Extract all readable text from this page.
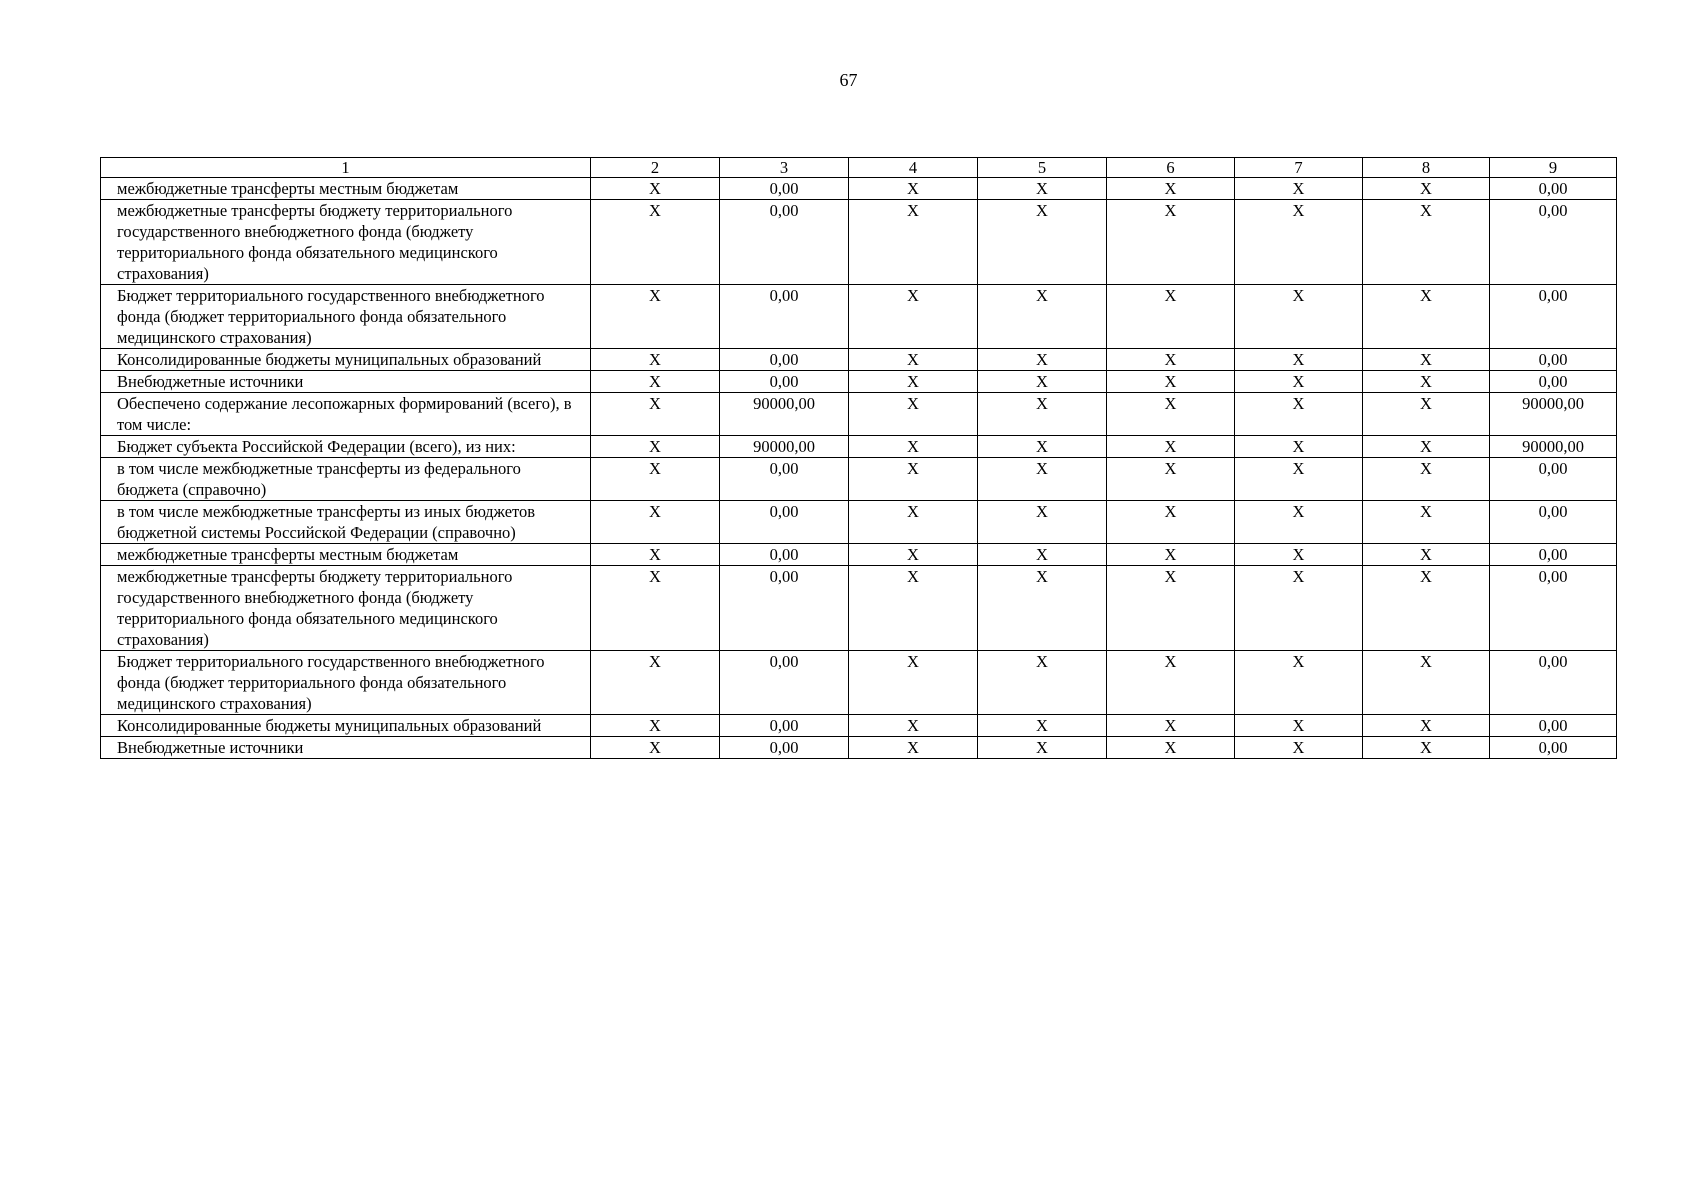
67
1	2	3	4	5	6	7	8	9
межбюджетные трансферты местным бюджетам	Х	0,00	Х	Х	Х	Х	Х	0,00
межбюджетные трансферты бюджету территориального государственного внебюджетного фонда (бюджету территориального фонда обязательного медицинского страхования)	Х	0,00	Х	Х	Х	Х	Х	0,00
Бюджет территориального государственного внебюджетного фонда (бюджет территориального фонда обязательного медицинского страхования)	Х	0,00	Х	Х	Х	Х	Х	0,00
Консолидированные бюджеты муниципальных образований	Х	0,00	Х	Х	Х	Х	Х	0,00
Внебюджетные источники	Х	0,00	Х	Х	Х	Х	Х	0,00
Обеспечено содержание лесопожарных формирований (всего), в том числе:	Х	90000,00	Х	Х	Х	Х	Х	90000,00
Бюджет субъекта Российской Федерации (всего), из них:	Х	90000,00	Х	Х	Х	Х	Х	90000,00
в том числе межбюджетные трансферты из федерального бюджета (справочно)	Х	0,00	Х	Х	Х	Х	Х	0,00
в том числе межбюджетные трансферты из иных бюджетов бюджетной системы Российской Федерации (справочно)	Х	0,00	Х	Х	Х	Х	Х	0,00
межбюджетные трансферты местным бюджетам	Х	0,00	Х	Х	Х	Х	Х	0,00
межбюджетные трансферты бюджету территориального государственного внебюджетного фонда (бюджету территориального фонда обязательного медицинского страхования)	Х	0,00	Х	Х	Х	Х	Х	0,00
Бюджет территориального государственного внебюджетного фонда (бюджет территориального фонда обязательного медицинского страхования)	Х	0,00	Х	Х	Х	Х	Х	0,00
Консолидированные бюджеты муниципальных образований	Х	0,00	Х	Х	Х	Х	Х	0,00
Внебюджетные источники	Х	0,00	Х	Х	Х	Х	Х	0,00
